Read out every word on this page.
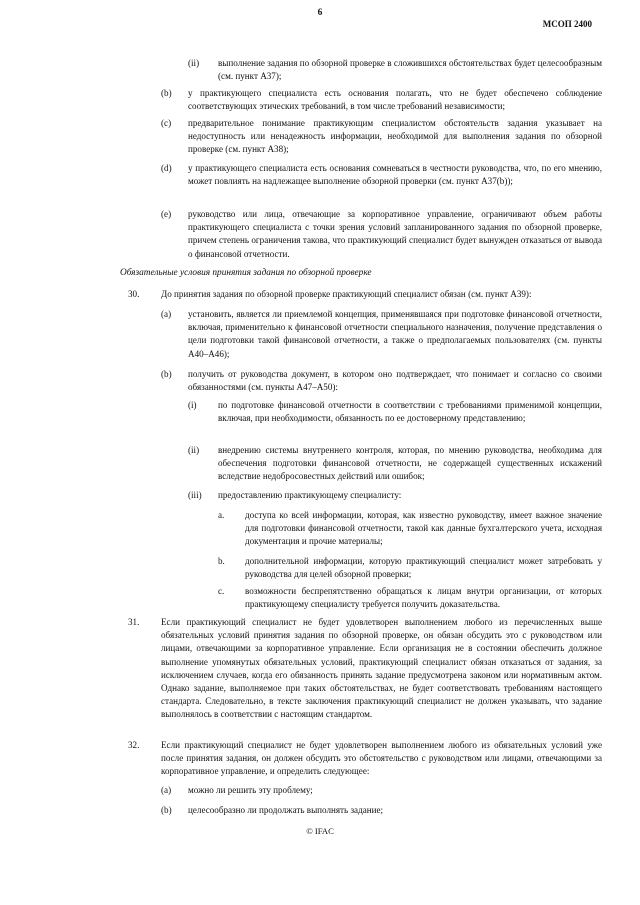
6
МСОП 2400
(ii) выполнение задания по обзорной проверке в сложившихся обстоятельствах будет целесообразным (см. пункт А37);
(b) у практикующего специалиста есть основания полагать, что не будет обеспечено соблюдение соответствующих этических требований, в том числе требований независимости;
(c) предварительное понимание практикующим специалистом обстоятельств задания указывает на недоступность или ненадежность информации, необходимой для выполнения задания по обзорной проверке (см. пункт А38);
(d) у практикующего специалиста есть основания сомневаться в честности руководства, что, по его мнению, может повлиять на надлежащее выполнение обзорной проверки (см. пункт А37(b));
(e) руководство или лица, отвечающие за корпоративное управление, ограничивают объем работы практикующего специалиста с точки зрения условий запланированного задания по обзорной проверке, причем степень ограничения такова, что практикующий специалист будет вынужден отказаться от вывода о финансовой отчетности.
Обязательные условия принятия задания по обзорной проверке
30. До принятия задания по обзорной проверке практикующий специалист обязан (см. пункт А39):
(a) установить, является ли приемлемой концепция, применявшаяся при подготовке финансовой отчетности, включая, применительно к финансовой отчетности специального назначения, получение представления о цели подготовки такой финансовой отчетности, а также о предполагаемых пользователях (см. пункты А40–А46);
(b) получить от руководства документ, в котором оно подтверждает, что понимает и согласно со своими обязанностями (см. пункты А47–А50):
(i) по подготовке финансовой отчетности в соответствии с требованиями применимой концепции, включая, при необходимости, обязанность по ее достоверному представлению;
(ii) внедрению системы внутреннего контроля, которая, по мнению руководства, необходима для обеспечения подготовки финансовой отчетности, не содержащей существенных искажений вследствие недобросовестных действий или ошибок;
(iii) предоставлению практикующему специалисту:
a. доступа ко всей информации, которая, как известно руководству, имеет важное значение для подготовки финансовой отчетности, такой как данные бухгалтерского учета, исходная документация и прочие материалы;
b. дополнительной информации, которую практикующий специалист может затребовать у руководства для целей обзорной проверки;
c. возможности беспрепятственно обращаться к лицам внутри организации, от которых практикующему специалисту требуется получить доказательства.
31. Если практикующий специалист не будет удовлетворен выполнением любого из перечисленных выше обязательных условий принятия задания по обзорной проверке, он обязан обсудить это с руководством или лицами, отвечающими за корпоративное управление. Если организация не в состоянии обеспечить должное выполнение упомянутых обязательных условий, практикующий специалист обязан отказаться от задания, за исключением случаев, когда его обязанность принять задание предусмотрена законом или нормативным актом. Однако задание, выполняемое при таких обстоятельствах, не будет соответствовать требованиям настоящего стандарта. Следовательно, в тексте заключения практикующий специалист не должен указывать, что задание выполнялось в соответствии с настоящим стандартом.
32. Если практикующий специалист не будет удовлетворен выполнением любого из обязательных условий уже после принятия задания, он должен обсудить это обстоятельство с руководством или лицами, отвечающими за корпоративное управление, и определить следующее:
(a) можно ли решить эту проблему;
(b) целесообразно ли продолжать выполнять задание;
© IFAC
